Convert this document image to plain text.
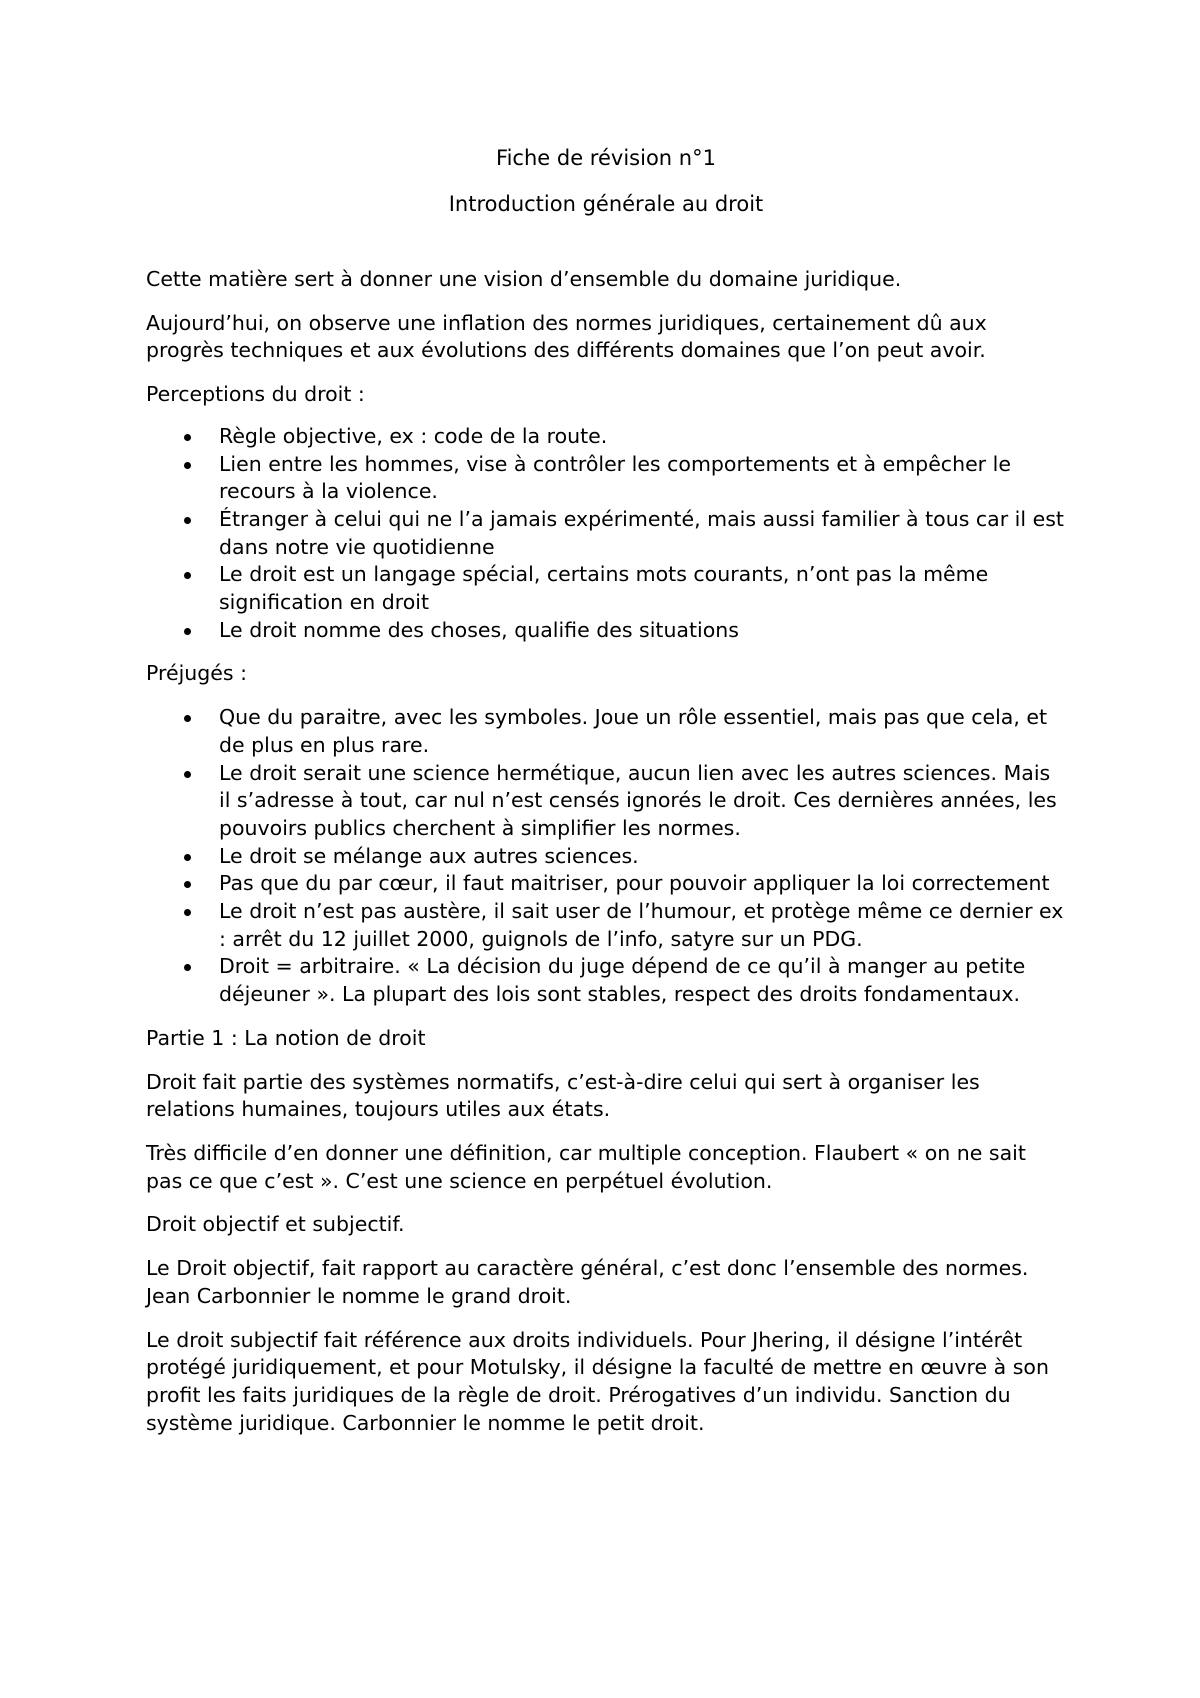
Fiche de révision n°1
Introduction générale au droit

Cette matière sert à donner une vision d’ensemble du domaine juridique.

Aujourd’hui, on observe une inflation des normes juridiques, certainement dû aux progrès techniques et aux évolutions des différents domaines que l’on peut avoir.

Perceptions du droit :

Règle objective, ex : code de la route.
Lien entre les hommes, vise à contrôler les comportements et à empêcher le recours à la violence.
Étranger à celui qui ne l’a jamais expérimenté, mais aussi familier à tous car il est dans notre vie quotidienne
Le droit est un langage spécial, certains mots courants, n’ont pas la même signification en droit
Le droit nomme des choses, qualifie des situations

Préjugés :

Que du paraitre, avec les symboles. Joue un rôle essentiel, mais pas que cela, et de plus en plus rare.
Le droit serait une science hermétique, aucun lien avec les autres sciences. Mais il s’adresse à tout, car nul n’est censés ignorés le droit. Ces dernières années, les pouvoirs publics cherchent à simplifier les normes.
Le droit se mélange aux autres sciences.
Pas que du par cœur, il faut maitriser, pour pouvoir appliquer la loi correctement
Le droit n’est pas austère, il sait user de l’humour, et protège même ce dernier ex : arrêt du 12 juillet 2000, guignols de l’info, satyre sur un PDG.
Droit = arbitraire. « La décision du juge dépend de ce qu’il à manger au petite déjeuner ». La plupart des lois sont stables, respect des droits fondamentaux.

Partie 1 : La notion de droit

Droit fait partie des systèmes normatifs, c’est-à-dire celui qui sert à organiser les relations humaines, toujours utiles aux états.

Très difficile d’en donner une définition, car multiple conception. Flaubert « on ne sait pas ce que c’est ». C’est une science en perpétuel évolution.

Droit objectif et subjectif.

Le Droit objectif, fait rapport au caractère général, c’est donc l’ensemble des normes. Jean Carbonnier le nomme le grand droit.

Le droit subjectif fait référence aux droits individuels. Pour Jhering, il désigne l’intérêt protégé juridiquement, et pour Motulsky, il désigne la faculté de mettre en œuvre à son profit les faits juridiques de la règle de droit. Prérogatives d’un individu. Sanction du système juridique. Carbonnier le nomme le petit droit.
